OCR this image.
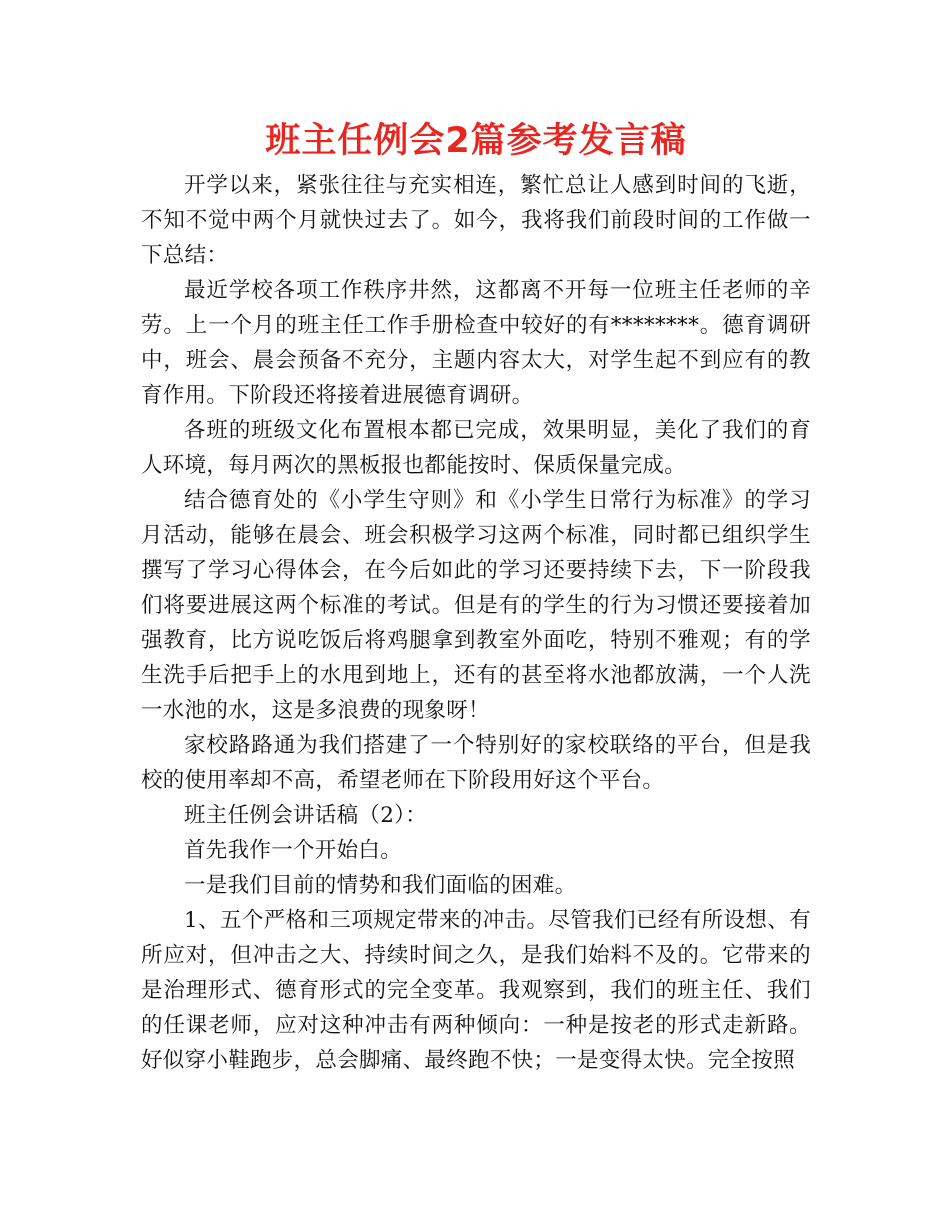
班主任例会2篇参考发言稿

开学以来，紧张往往与充实相连，繁忙总让人感到时间的飞逝，不知不觉中两个月就快过去了。如今，我将我们前段时间的工作做一下总结：

最近学校各项工作秩序井然，这都离不开每一位班主任老师的辛劳。上一个月的班主任工作手册检查中较好的有********。德育调研中，班会、晨会预备不充分，主题内容太大，对学生起不到应有的教育作用。下阶段还将接着进展德育调研。

各班的班级文化布置根本都已完成，效果明显，美化了我们的育人环境，每月两次的黑板报也都能按时、保质保量完成。

结合德育处的《小学生守则》和《小学生日常行为标准》的学习月活动，能够在晨会、班会积极学习这两个标准，同时都已组织学生撰写了学习心得体会，在今后如此的学习还要持续下去，下一阶段我们将要进展这两个标准的考试。但是有的学生的行为习惯还要接着加强教育，比方说吃饭后将鸡腿拿到教室外面吃，特别不雅观；有的学生洗手后把手上的水甩到地上，还有的甚至将水池都放满，一个人洗一水池的水，这是多浪费的现象呀！

家校路路通为我们搭建了一个特别好的家校联络的平台，但是我校的使用率却不高，希望老师在下阶段用好这个平台。

班主任例会讲话稿（2）：

首先我作一个开始白。

一是我们目前的情势和我们面临的困难。

1、五个严格和三项规定带来的冲击。尽管我们已经有所设想、有所应对，但冲击之大、持续时间之久，是我们始料不及的。它带来的是治理形式、德育形式的完全变革。我观察到，我们的班主任、我们的任课老师，应对这种冲击有两种倾向：一种是按老的形式走新路。好似穿小鞋跑步，总会脚痛、最终跑不快；一是变得太快。完全按照
